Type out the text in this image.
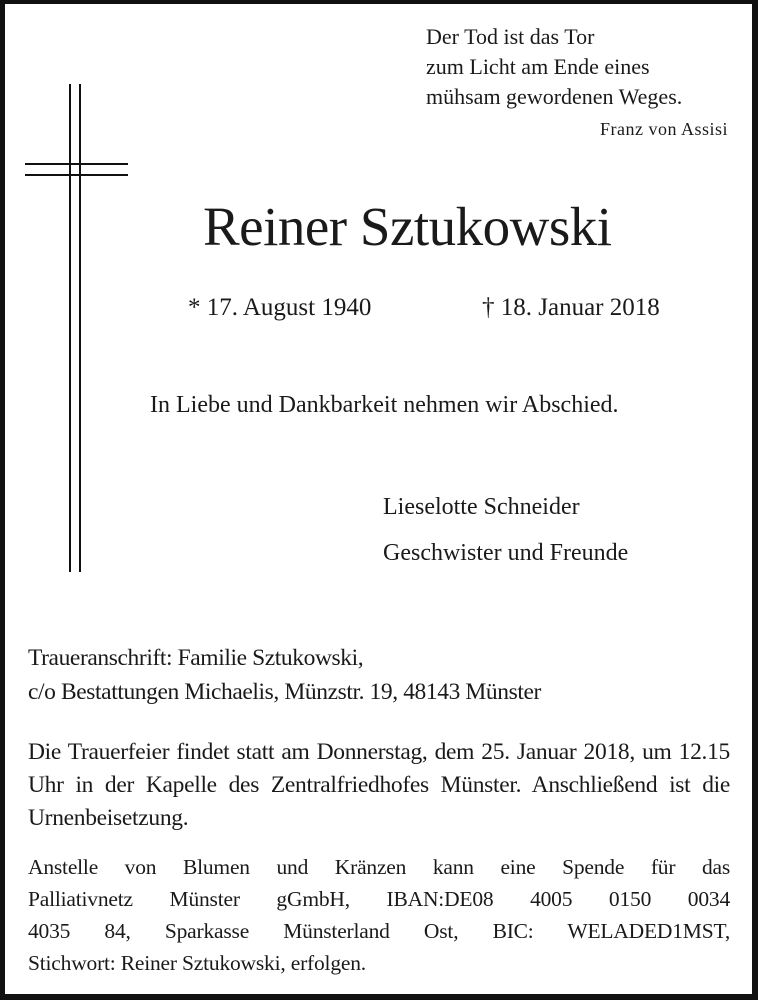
Der Tod ist das Tor
zum Licht am Ende eines
mühsam gewordenen Weges.
Franz von Assisi
Reiner Sztukowski
* 17. August 1940	† 18. Januar 2018
In Liebe und Dankbarkeit nehmen wir Abschied.
Lieselotte Schneider
Geschwister und Freunde
Traueranschrift: Familie Sztukowski,
c/o Bestattungen Michaelis, Münzstr. 19, 48143 Münster
Die Trauerfeier findet statt am Donnerstag, dem 25. Januar 2018, um 12.15 Uhr in der Kapelle des Zentralfriedhofes Münster. Anschließend ist die Urnenbeisetzung.
Anstelle von Blumen und Kränzen kann eine Spende für das
Palliativnetz Münster gGmbH, IBAN:DE08 4005 0150 0034
4035 84, Sparkasse Münsterland Ost, BIC: WELADED1MST,
Stichwort: Reiner Sztukowski, erfolgen.
